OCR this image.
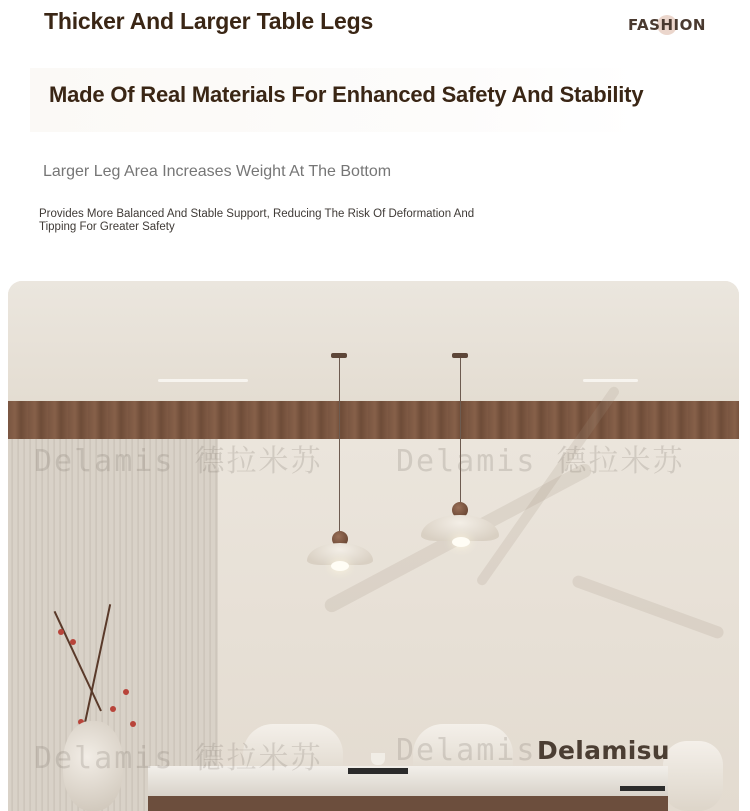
Thicker And Larger Table Legs	FASHION
Made Of Real Materials For Enhanced Safety And Stability
Larger Leg Area Increases Weight At The Bottom
Provides More Balanced And Stable Support, Reducing The Risk Of Deformation And Tipping For Greater Safety
Delamis 德拉米苏 Delamis 德拉米苏
Delamis 德拉米苏 Delamis Delamisu
